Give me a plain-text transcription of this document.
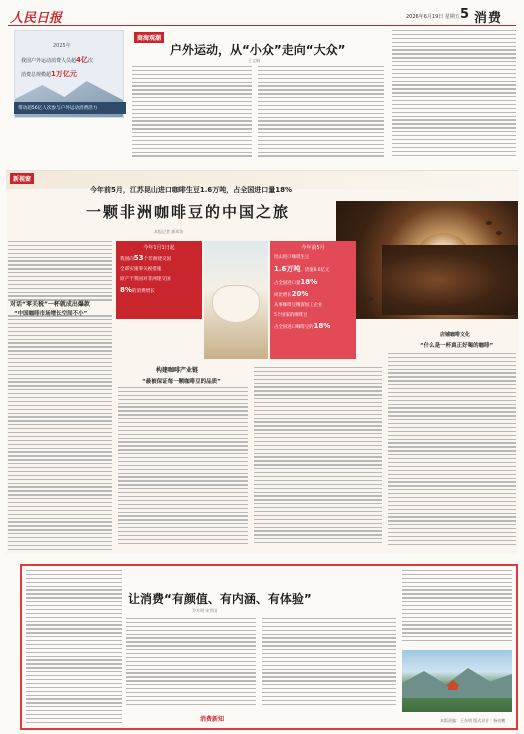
人民日报	2026年6月19日 星期五 5 消费
2025年
我国户外运动消费人员超4亿次
消费总规模超1万亿元
带动超56亿人次参与户外运动消费活力
商海观潮
户外运动，从“小众”走向“大众”
王文娟
新视窗
今年前5月，江苏昆山进口咖啡生豆1.6万吨，占全国进口量18%
一颗非洲咖啡豆的中国之旅
本报记者 郭邦坊
对话“零关税”一杯就成出爆款
“中国咖啡市场增长空间不小”
今年1月1日起
我国向53个非洲建交国
全部实施零关税措施
原产于我国对非洲建交国
8%的消费增长
今年前5月
昆山进口咖啡生豆
1.6万吨，货值8.6亿元
占全国进口量18%
同比增长20%
从事咖啡豆精深加工企业
5个国家的咖啡豆
占全国进口咖啡豆的18%
构建咖啡产业链
“最被保证每一颗咖啡豆的品质”
店铺咖啡文化
“什么是一杯真正好喝的咖啡”
让消费“有颜值、有内涵、有体验”
乔木明 宋世国
消费新知	本版责编：王东明 版式设计：杨亮鹏
